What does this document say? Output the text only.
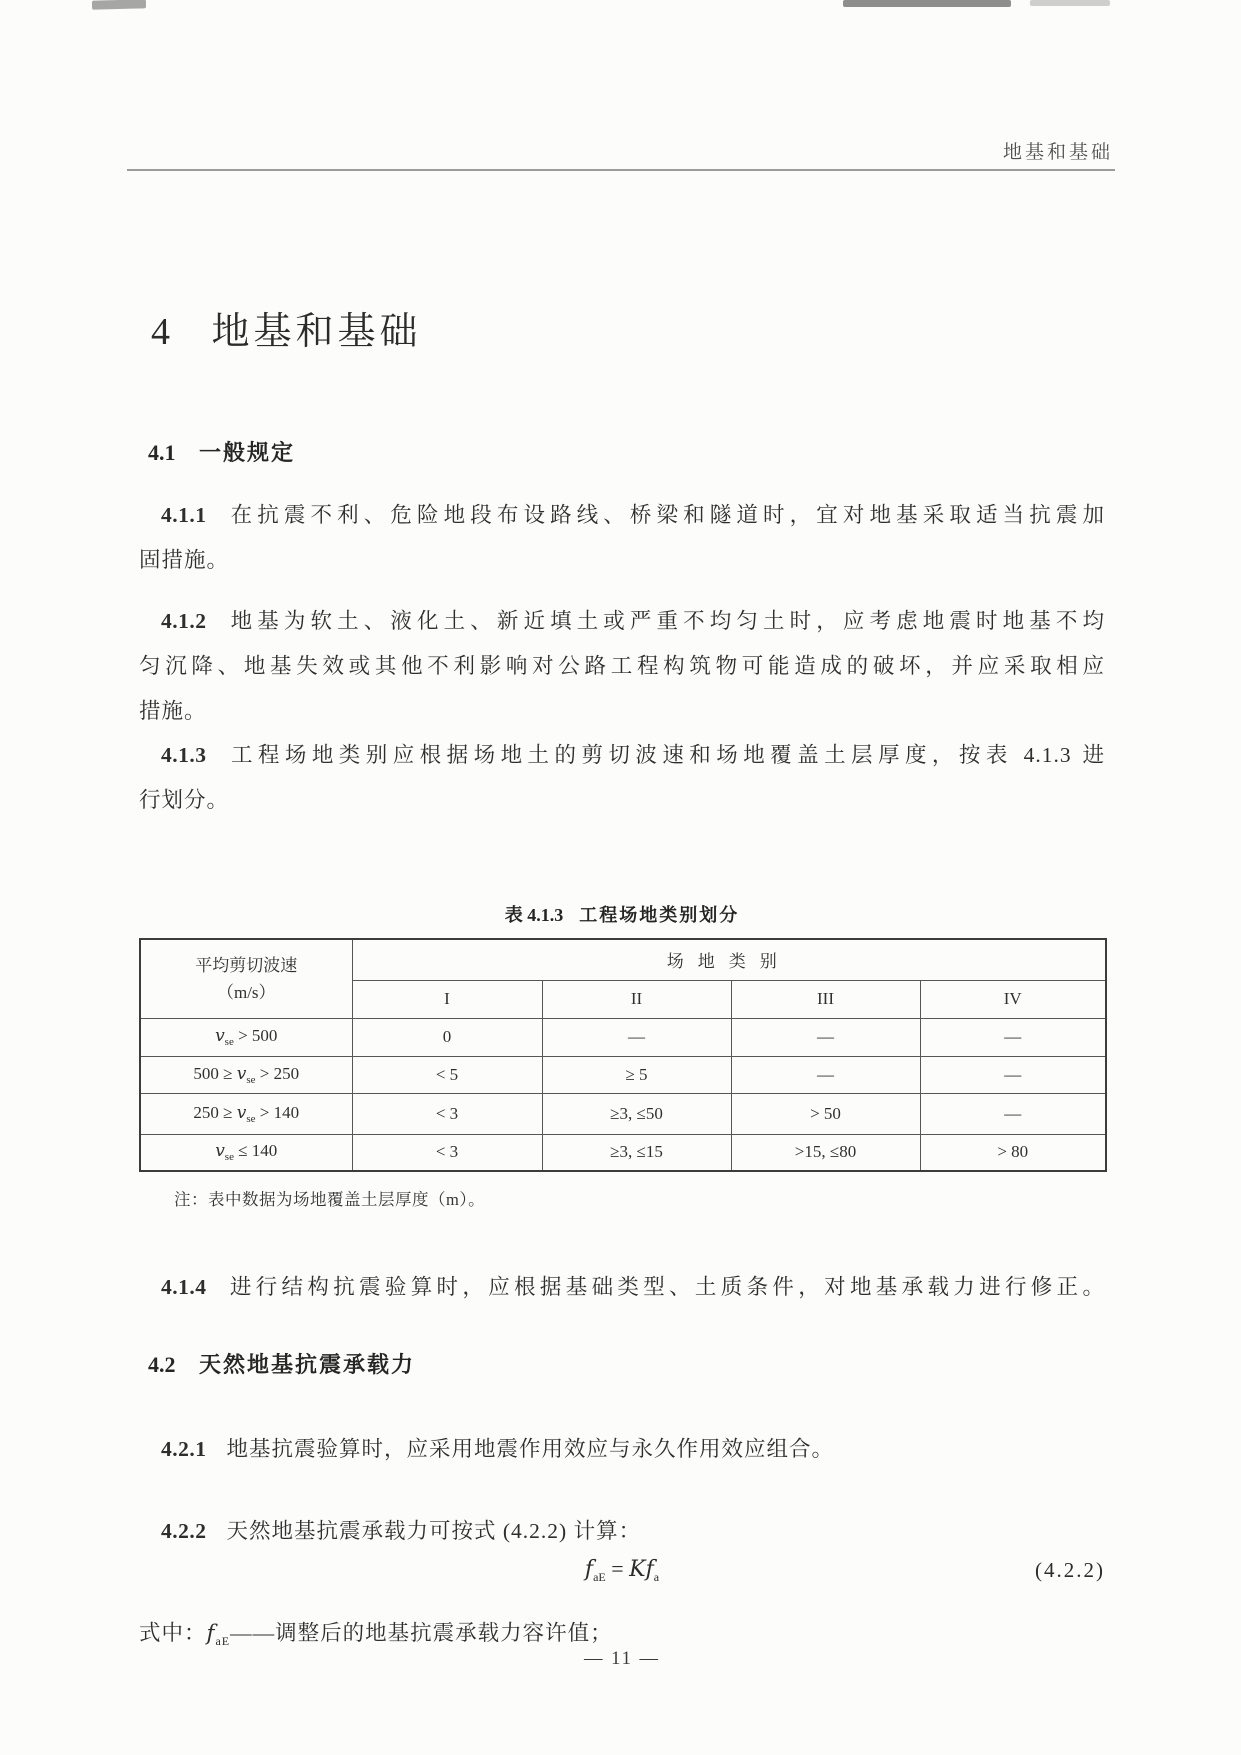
地基和基础
4 地基和基础
4.1 一般规定
4.1.1 在抗震不利、危险地段布设路线、桥梁和隧道时，宜对地基采取适当抗震加
固措施。
4.1.2 地基为软土、液化土、新近填土或严重不均匀土时，应考虑地震时地基不均
匀沉降、地基失效或其他不利影响对公路工程构筑物可能造成的破坏，并应采取相应
措施。
4.1.3 工程场地类别应根据场地土的剪切波速和场地覆盖土层厚度，按表 4.1.3 进
行划分。
表 4.1.3 工程场地类别划分
平均剪切波速
（m/s）	场地类别			
	I	II	III	IV
$v_{se} > 500$	0	—	—	—
$500 \ge v_{se} > 250$	< 5	≥ 5	—	—
$250 \ge v_{se} > 140$	< 3	≥3, ≤50	> 50	—
$v_{se} \le 140$	< 3	≥3, ≤15	>15, ≤80	> 80
注：表中数据为场地覆盖土层厚度（m）。
4.1.4 进行结构抗震验算时，应根据基础类型、土质条件，对地基承载力进行修正。
4.2 天然地基抗震承载力
4.2.1 地基抗震验算时，应采用地震作用效应与永久作用效应组合。
4.2.2 天然地基抗震承载力可按式 (4.2.2) 计算：
$f_{aE} = Kf_a$	(4.2.2)
式中：$f_{aE}——$调整后的地基抗震承载力容许值；
— 11 —
